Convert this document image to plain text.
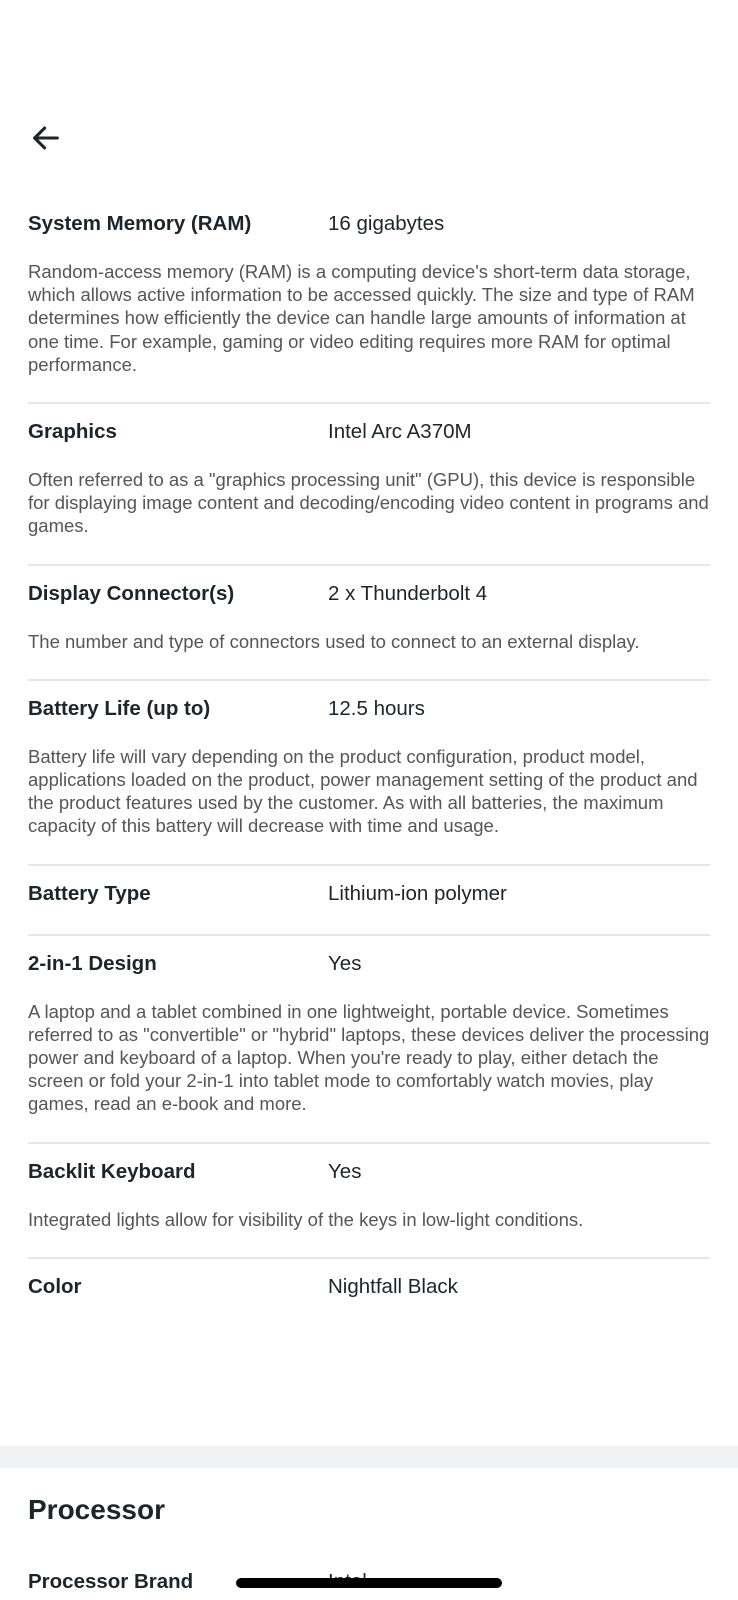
System Memory (RAM)	16 gigabytes
Random-access memory (RAM) is a computing device's short-term data storage, which allows active information to be accessed quickly. The size and type of RAM determines how efficiently the device can handle large amounts of information at one time. For example, gaming or video editing requires more RAM for optimal performance.
Graphics	Intel Arc A370M
Often referred to as a "graphics processing unit" (GPU), this device is responsible for displaying image content and decoding/encoding video content in programs and games.
Display Connector(s)	2 x Thunderbolt 4
The number and type of connectors used to connect to an external display.
Battery Life (up to)	12.5 hours
Battery life will vary depending on the product configuration, product model, applications loaded on the product, power management setting of the product and the product features used by the customer. As with all batteries, the maximum capacity of this battery will decrease with time and usage.
Battery Type	Lithium-ion polymer
2-in-1 Design	Yes
A laptop and a tablet combined in one lightweight, portable device. Sometimes referred to as "convertible" or "hybrid" laptops, these devices deliver the processing power and keyboard of a laptop. When you're ready to play, either detach the screen or fold your 2-in-1 into tablet mode to comfortably watch movies, play games, read an e-book and more.
Backlit Keyboard	Yes
Integrated lights allow for visibility of the keys in low-light conditions.
Color	Nightfall Black
Processor
Processor Brand
